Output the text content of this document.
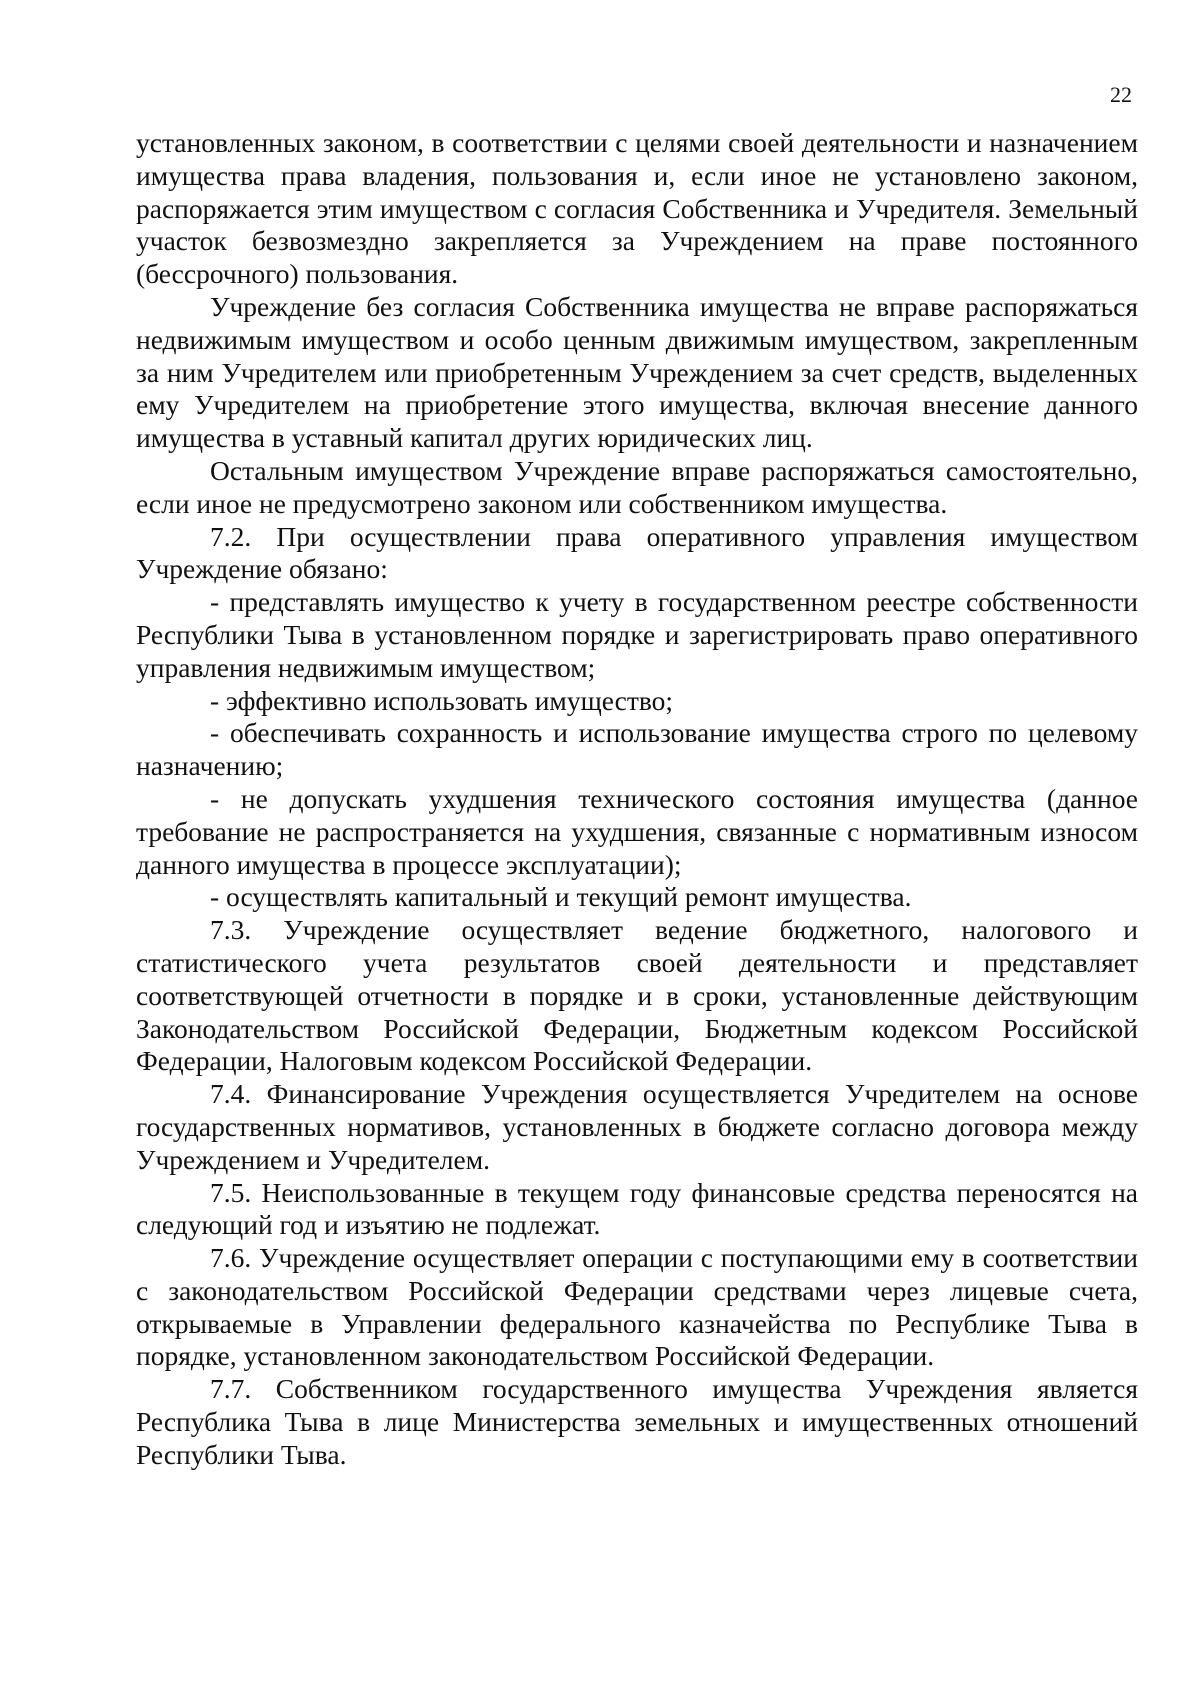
22

установленных законом, в соответствии с целями своей деятельности и назначением имущества права владения, пользования и, если иное не установлено законом, распоряжается этим имуществом с согласия Собственника и Учредителя. Земельный участок безвозмездно закрепляется за Учреждением на праве постоянного (бессрочного) пользования.

Учреждение без согласия Собственника имущества не вправе распоряжаться недвижимым имуществом и особо ценным движимым имуществом, закрепленным за ним Учредителем или приобретенным Учреждением за счет средств, выделенных ему Учредителем на приобретение этого имущества, включая внесение данного имущества в уставный капитал других юридических лиц.

Остальным имуществом Учреждение вправе распоряжаться самостоятельно, если иное не предусмотрено законом или собственником имущества.

7.2. При осуществлении права оперативного управления имуществом Учреждение обязано:

- представлять имущество к учету в государственном реестре собственности Республики Тыва в установленном порядке и зарегистрировать право оперативного управления недвижимым имуществом;

- эффективно использовать имущество;

- обеспечивать сохранность и использование имущества строго по целевому назначению;

- не допускать ухудшения технического состояния имущества (данное требование не распространяется на ухудшения, связанные с нормативным износом данного имущества в процессе эксплуатации);

- осуществлять капитальный и текущий ремонт имущества.

7.3. Учреждение осуществляет ведение бюджетного, налогового и статистического учета результатов своей деятельности и представляет соответствующей отчетности в порядке и в сроки, установленные действующим Законодательством Российской Федерации, Бюджетным кодексом Российской Федерации, Налоговым кодексом Российской Федерации.

7.4. Финансирование Учреждения осуществляется Учредителем на основе государственных нормативов, установленных в бюджете согласно договора между Учреждением и Учредителем.

7.5. Неиспользованные в текущем году финансовые средства переносятся на следующий год и изъятию не подлежат.

7.6. Учреждение осуществляет операции с поступающими ему в соответствии с законодательством Российской Федерации средствами через лицевые счета, открываемые в Управлении федерального казначейства по Республике Тыва в порядке, установленном законодательством Российской Федерации.

7.7. Собственником государственного имущества Учреждения является Республика Тыва в лице Министерства земельных и имущественных отношений Республики Тыва.
